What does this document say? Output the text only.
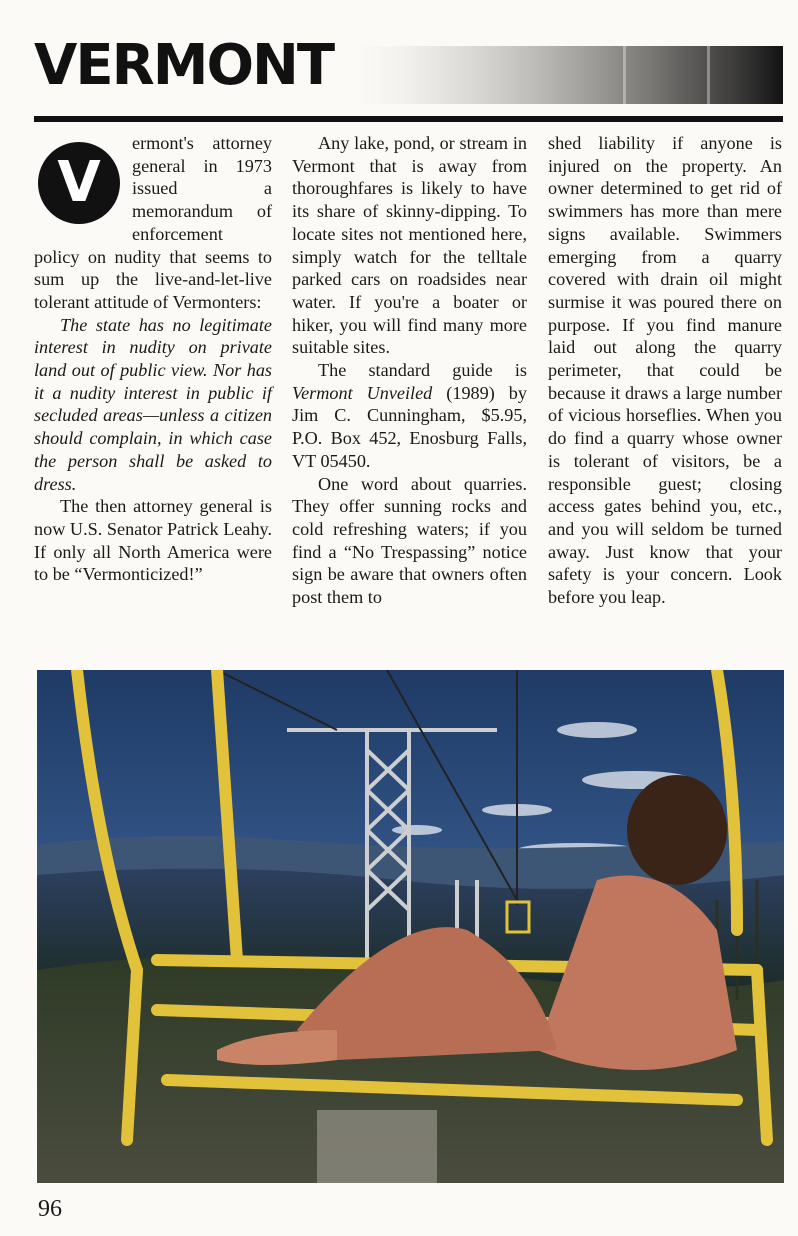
VERMONT

V
ermont's attorney general in 1973 issued a memorandum of enforcement policy on nudity that seems to sum up the live-and-let-live tolerant attitude of Vermonters:

The state has no legitimate interest in nudity on private land out of public view. Nor has it a nudity interest in public if secluded areas—unless a citizen should complain, in which case the person shall be asked to dress.

The then attorney general is now U.S. Senator Patrick Leahy. If only all North America were to be “Vermonticized!”

Any lake, pond, or stream in Vermont that is away from thoroughfares is likely to have its share of skinny-dipping. To locate sites not mentioned here, simply watch for the telltale parked cars on roadsides near water. If you're a boater or hiker, you will find many more suitable sites.

The standard guide is Vermont Unveiled (1989) by Jim C. Cunningham, $5.95, P.O. Box 452, Enosburg Falls, VT 05450.

One word about quarries. They offer sunning rocks and cold refreshing waters; if you find a “No Trespassing” notice sign be aware that owners often post them to

shed liability if anyone is injured on the property. An owner determined to get rid of swimmers has more than mere signs available. Swimmers emerging from a quarry covered with drain oil might surmise it was poured there on purpose. If you find manure laid out along the quarry perimeter, that could be because it draws a large number of vicious horseflies. When you do find a quarry whose owner is tolerant of visitors, be a responsible guest; closing access gates behind you, etc., and you will seldom be turned away. Just know that your safety is your concern. Look before you leap.

96
